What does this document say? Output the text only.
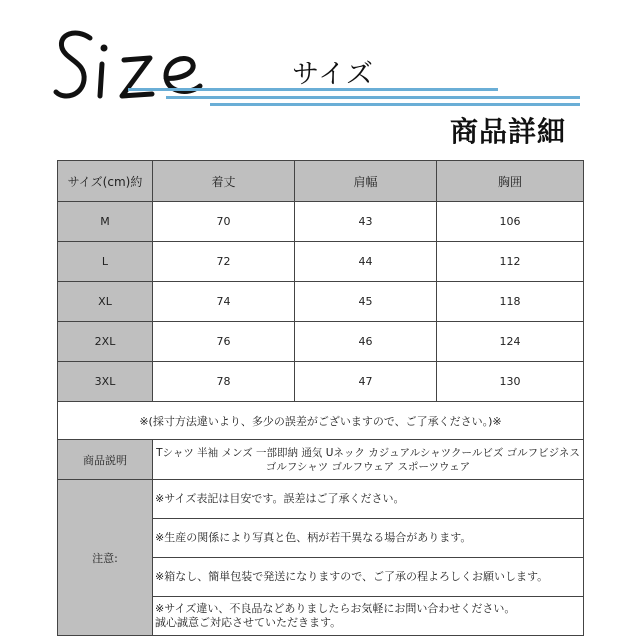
サイズ
商品詳細
サイズ(cm)約	着丈	肩幅	胸囲
M	70	43	106
L	72	44	112
XL	74	45	118
2XL	76	46	124
3XL	78	47	130
※(採寸方法違いより、多少の誤差がございますので、ご了承ください。)※			
商品説明	Tシャツ 半袖 メンズ 一部即納 通気 Uネック カジュアルシャツクールビズ ゴルフビジネスゴルフシャツ ゴルフウェア スポーツウェア		
注意:	※サイズ表記は目安です。誤差はご了承ください。		
	※生産の関係により写真と色、柄が若干異なる場合があります。		
	※箱なし、簡単包装で発送になりますので、ご了承の程よろしくお願いします。		

	※サイズ違い、不良品などありましたらお気軽にお問い合わせください。
誠心誠意ご対応させていただきます。		
